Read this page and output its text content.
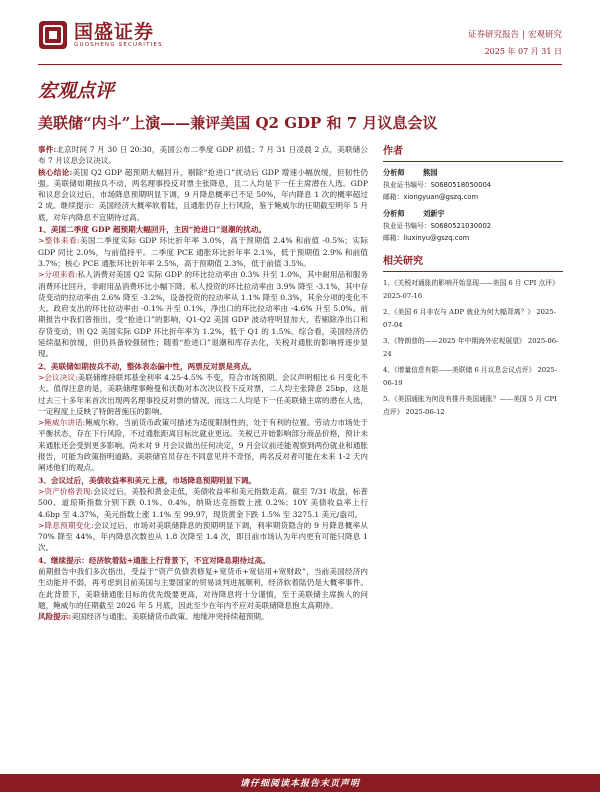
国盛证券
GUOSHENG SECURITIES
证券研究报告 | 宏观研究
2025 年 07 月 31 日
宏观点评
美联储“内斗”上演——兼评美国 Q2 GDP 和 7 月议息会议

事件:北京时间 7 月 30 日 20:30，美国公布二季度 GDP 初值；7 月 31 日凌晨 2 点，美联储公布 7 月议息会议决议。

核心结论:美国 Q2 GDP 超预期大幅回升，剔除“抢进口”扰动后 GDP 增速小幅放缓，但韧性仍强。美联储如期按兵不动，两名理事投反对票主张降息，且二入均是下一任主席潜在人选。GDP 和议息会议过后，市场降息预期明显下调，9 月降息概率已不足 50%，年内降息 1 次的概率超过 2 成。继续提示：美国经济大概率软着陆，且通胀仍存上行风险，鉴于鲍威尔的任期截至明年 5 月底，对年内降息不宜期待过高。

1、美国二季度 GDP 超预期大幅回升，主因“抢进口”退潮的扰动。

>整体来看:美国二季度实际 GDP 环比折年率 3.0%，高于预期值 2.4% 和前值 -0.5%；实际 GDP 同比 2.0%，与前值持平。二季度 PCE 通胀环比折年率 2.1%，低于预期值 2.9% 和前值 3.7%；核心 PCE 通胀环比折年率 2.5%，高于预期值 2.3%，低于前值 3.5%。

>分项来看:私人消费对美国 Q2 实际 GDP 的环比拉动率由 0.3% 升至 1.0%，其中耐用品和服务消费环比回升，非耐用品消费环比小幅下降。私人投资的环比拉动率由 3.9% 降至 -3.1%，其中存货变动的拉动率由 2.6% 降至 -3.2%，设备投资的拉动率从 1.1% 降至 0.3%，其余分项的变化不大。政府支出的环比拉动率由 -0.1% 升至 0.1%，净出口的环比拉动率由 -4.6% 升至 5.0%。前期报告中我们曾指出，受“抢进口”的影响，Q1-Q2 美国 GDP 波动将明显加大，若剔除净出口和存货变动，则 Q2 美国实际 GDP 环比折年率为 1.2%，低于 Q1 的 1.5%。综合看，美国经济仍延续温和放缓，但仍具备较强韧性；随着“抢进口”退潮和库存去化，关税对通胀的影响将逐步显现。

2、美联储如期按兵不动，整体表态偏中性，两票反对票是亮点。

>会议决议:美联储维持联邦基金利率 4.25-4.5% 不变，符合市场预期。会议声明相比 6 月变化不大。值得注意的是，美联储理事鲍曼和沃勒对本次决议投下反对票，二人均主张降息 25bp，这是过去三十多年来首次出现两名理事投反对票的情况，而这二人均是下一任美联储主席的潜在人选，一定程度上反映了特朗普施压的影响。

>鲍威尔讲话:鲍威尔称，当前货币政策可描述为适度限制性的，处于有利的位置。劳动力市场处于平衡状态，存在下行风险，不过通胀距离目标比就业更远。关税已开始影响部分商品价格，预计未来通胀还会受到更多影响。尚未对 9 月会议做出任何决定，9 月会议前还能观察到两份就业和通胀报告，可能为政策指明道路。美联储官员存在不同意见并不奇怪，两名反对者可能在未来 1-2 天内阐述他们的观点。

3、会议过后，美债收益率和美元上涨，市场降息预期明显下调。

>资产价格表现:会议过后，美股和黄金走低，美债收益率和美元指数走高。截至 7/31 收盘，标普 500、道琼斯指数分别下跌 0.1%、0.4%，纳斯达克指数上涨 0.2%；10Y 美债收益率上行 4.6bp 至 4.37%，美元指数上涨 1.1% 至 99.97，现货黄金下跌 1.5% 至 3275.1 美元/盎司。

>降息预期变化:会议过后，市场对美联储降息的预期明显下调，利率期货隐含的 9 月降息概率从 70% 降至 44%，年内降息次数也从 1.8 次降至 1.4 次，即目前市场认为年内更有可能只降息 1 次。

4、继续提示：经济软着陆+通胀上行背景下，不宜对降息期待过高。

前期报告中我们多次指出，受益于“资产负债表修复+宽货币+宽信用+宽财政”，当前美国经济内生动能并不弱，再考虑到目前美国与主要国家的贸易谈判进展顺利，经济软着陆仍是大概率事件。在此背景下，美联储通胀目标的优先级要更高，对待降息将十分谨慎，至于美联储主席换人的问题，鲍威尔的任期截至 2026 年 5 月底，因此至少在年内不应对美联储降息抱太高期待。

风险提示:美国经济与通胀、美联储货币政策、地缘冲突持续超预期。

作者
分析师	熊园
执业证书编号：S0680518050004
邮箱：xiongyuan@gszq.com
分析师	刘新宇
执业证书编号：S0680521030002
邮箱：liuxinyu@gszq.com
相关研究
1、《关税对通胀的影响开始显现——美国 6 月 CPI 点评》 2025-07-16
2、《美国 6 月非农与 ADP 就业为何大幅背离？》 2025-07-04
3、《特朗普的——2025 年中期海外宏观展望》 2025-06-24
4、《增量信息有限——美联储 6 月议息会议点评》 2025-06-19
5、《美国通胀为何没有推升美国通胀？——美国 5 月 CPI 点评》 2025-06-12
请仔细阅读本报告末页声明
